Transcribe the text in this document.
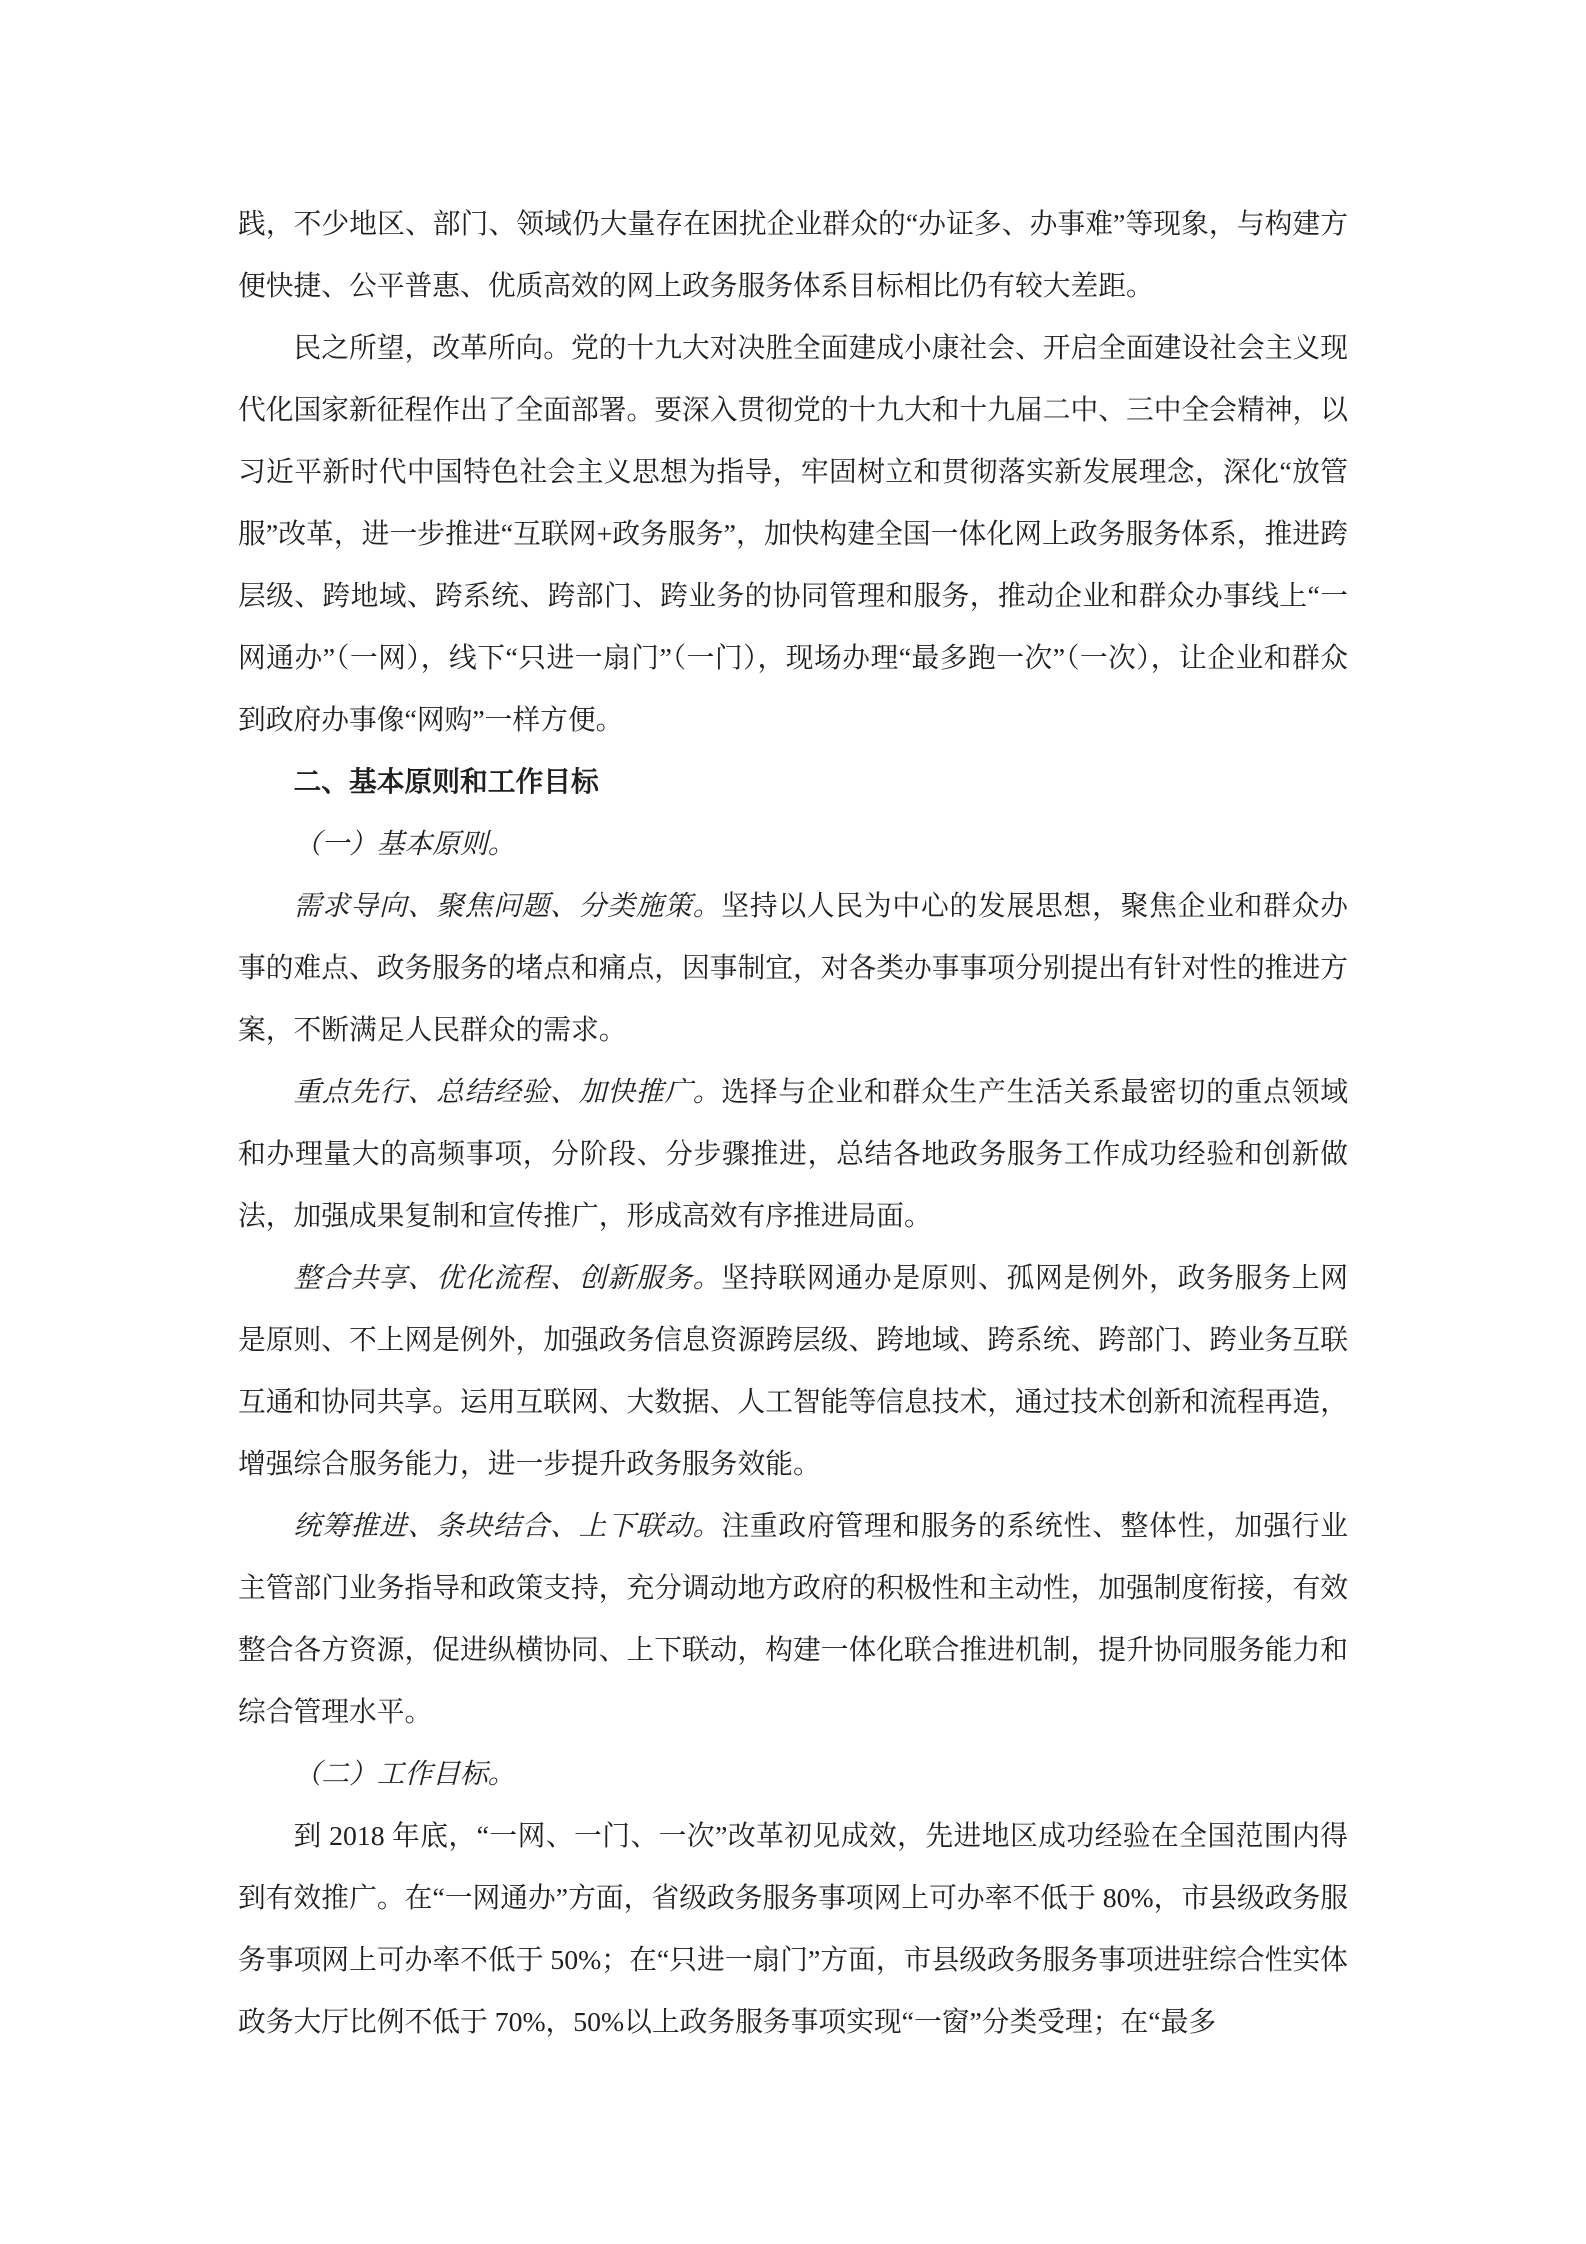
践，不少地区、部门、领域仍大量存在困扰企业群众的“办证多、办事难”等现象，与构建方便快捷、公平普惠、优质高效的网上政务服务体系目标相比仍有较大差距。

民之所望，改革所向。党的十九大对决胜全面建成小康社会、开启全面建设社会主义现代化国家新征程作出了全面部署。要深入贯彻党的十九大和十九届二中、三中全会精神，以习近平新时代中国特色社会主义思想为指导，牢固树立和贯彻落实新发展理念，深化“放管服”改革，进一步推进“互联网+政务服务”，加快构建全国一体化网上政务服务体系，推进跨层级、跨地域、跨系统、跨部门、跨业务的协同管理和服务，推动企业和群众办事线上“一网通办”（一网），线下“只进一扇门”（一门），现场办理“最多跑一次”（一次），让企业和群众到政府办事像“网购”一样方便。

二、基本原则和工作目标

（一）基本原则。

需求导向、聚焦问题、分类施策。坚持以人民为中心的发展思想，聚焦企业和群众办事的难点、政务服务的堵点和痛点，因事制宜，对各类办事事项分别提出有针对性的推进方案，不断满足人民群众的需求。

重点先行、总结经验、加快推广。选择与企业和群众生产生活关系最密切的重点领域和办理量大的高频事项，分阶段、分步骤推进，总结各地政务服务工作成功经验和创新做法，加强成果复制和宣传推广，形成高效有序推进局面。

整合共享、优化流程、创新服务。坚持联网通办是原则、孤网是例外，政务服务上网是原则、不上网是例外，加强政务信息资源跨层级、跨地域、跨系统、跨部门、跨业务互联互通和协同共享。运用互联网、大数据、人工智能等信息技术，通过技术创新和流程再造，增强综合服务能力，进一步提升政务服务效能。

统筹推进、条块结合、上下联动。注重政府管理和服务的系统性、整体性，加强行业主管部门业务指导和政策支持，充分调动地方政府的积极性和主动性，加强制度衔接，有效整合各方资源，促进纵横协同、上下联动，构建一体化联合推进机制，提升协同服务能力和综合管理水平。

（二）工作目标。

到 2018 年底，“一网、一门、一次”改革初见成效，先进地区成功经验在全国范围内得到有效推广。在“一网通办”方面，省级政务服务事项网上可办率不低于 80%，市县级政务服务事项网上可办率不低于 50%；在“只进一扇门”方面，市县级政务服务事项进驻综合性实体政务大厅比例不低于 70%，50%以上政务服务事项实现“一窗”分类受理；在“最多
